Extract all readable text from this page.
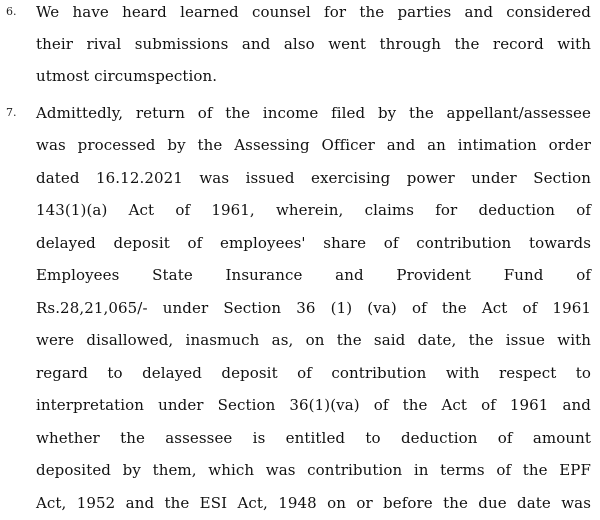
6. We have heard learned counsel for the parties and considered
their rival submissions and also went through the record with
utmost circumspection.
7. Admittedly, return of the income filed by the appellant/assessee
was processed by the Assessing Officer and an intimation order
dated 16.12.2021 was issued exercising power under Section
143(1)(a) Act of 1961, wherein, claims for deduction of
delayed deposit of employees' share of contribution towards
Employees State Insurance and Provident Fund of
Rs.28,21,065/- under Section 36 (1) (va) of the Act of 1961
were disallowed, inasmuch as, on the said date, the issue with
regard to delayed deposit of contribution with respect to
interpretation under Section 36(1)(va) of the Act of 1961 and
whether the assessee is entitled to deduction of amount
deposited by them, which was contribution in terms of the EPF
Act, 1952 and the ESI Act, 1948 on or before the due date was
